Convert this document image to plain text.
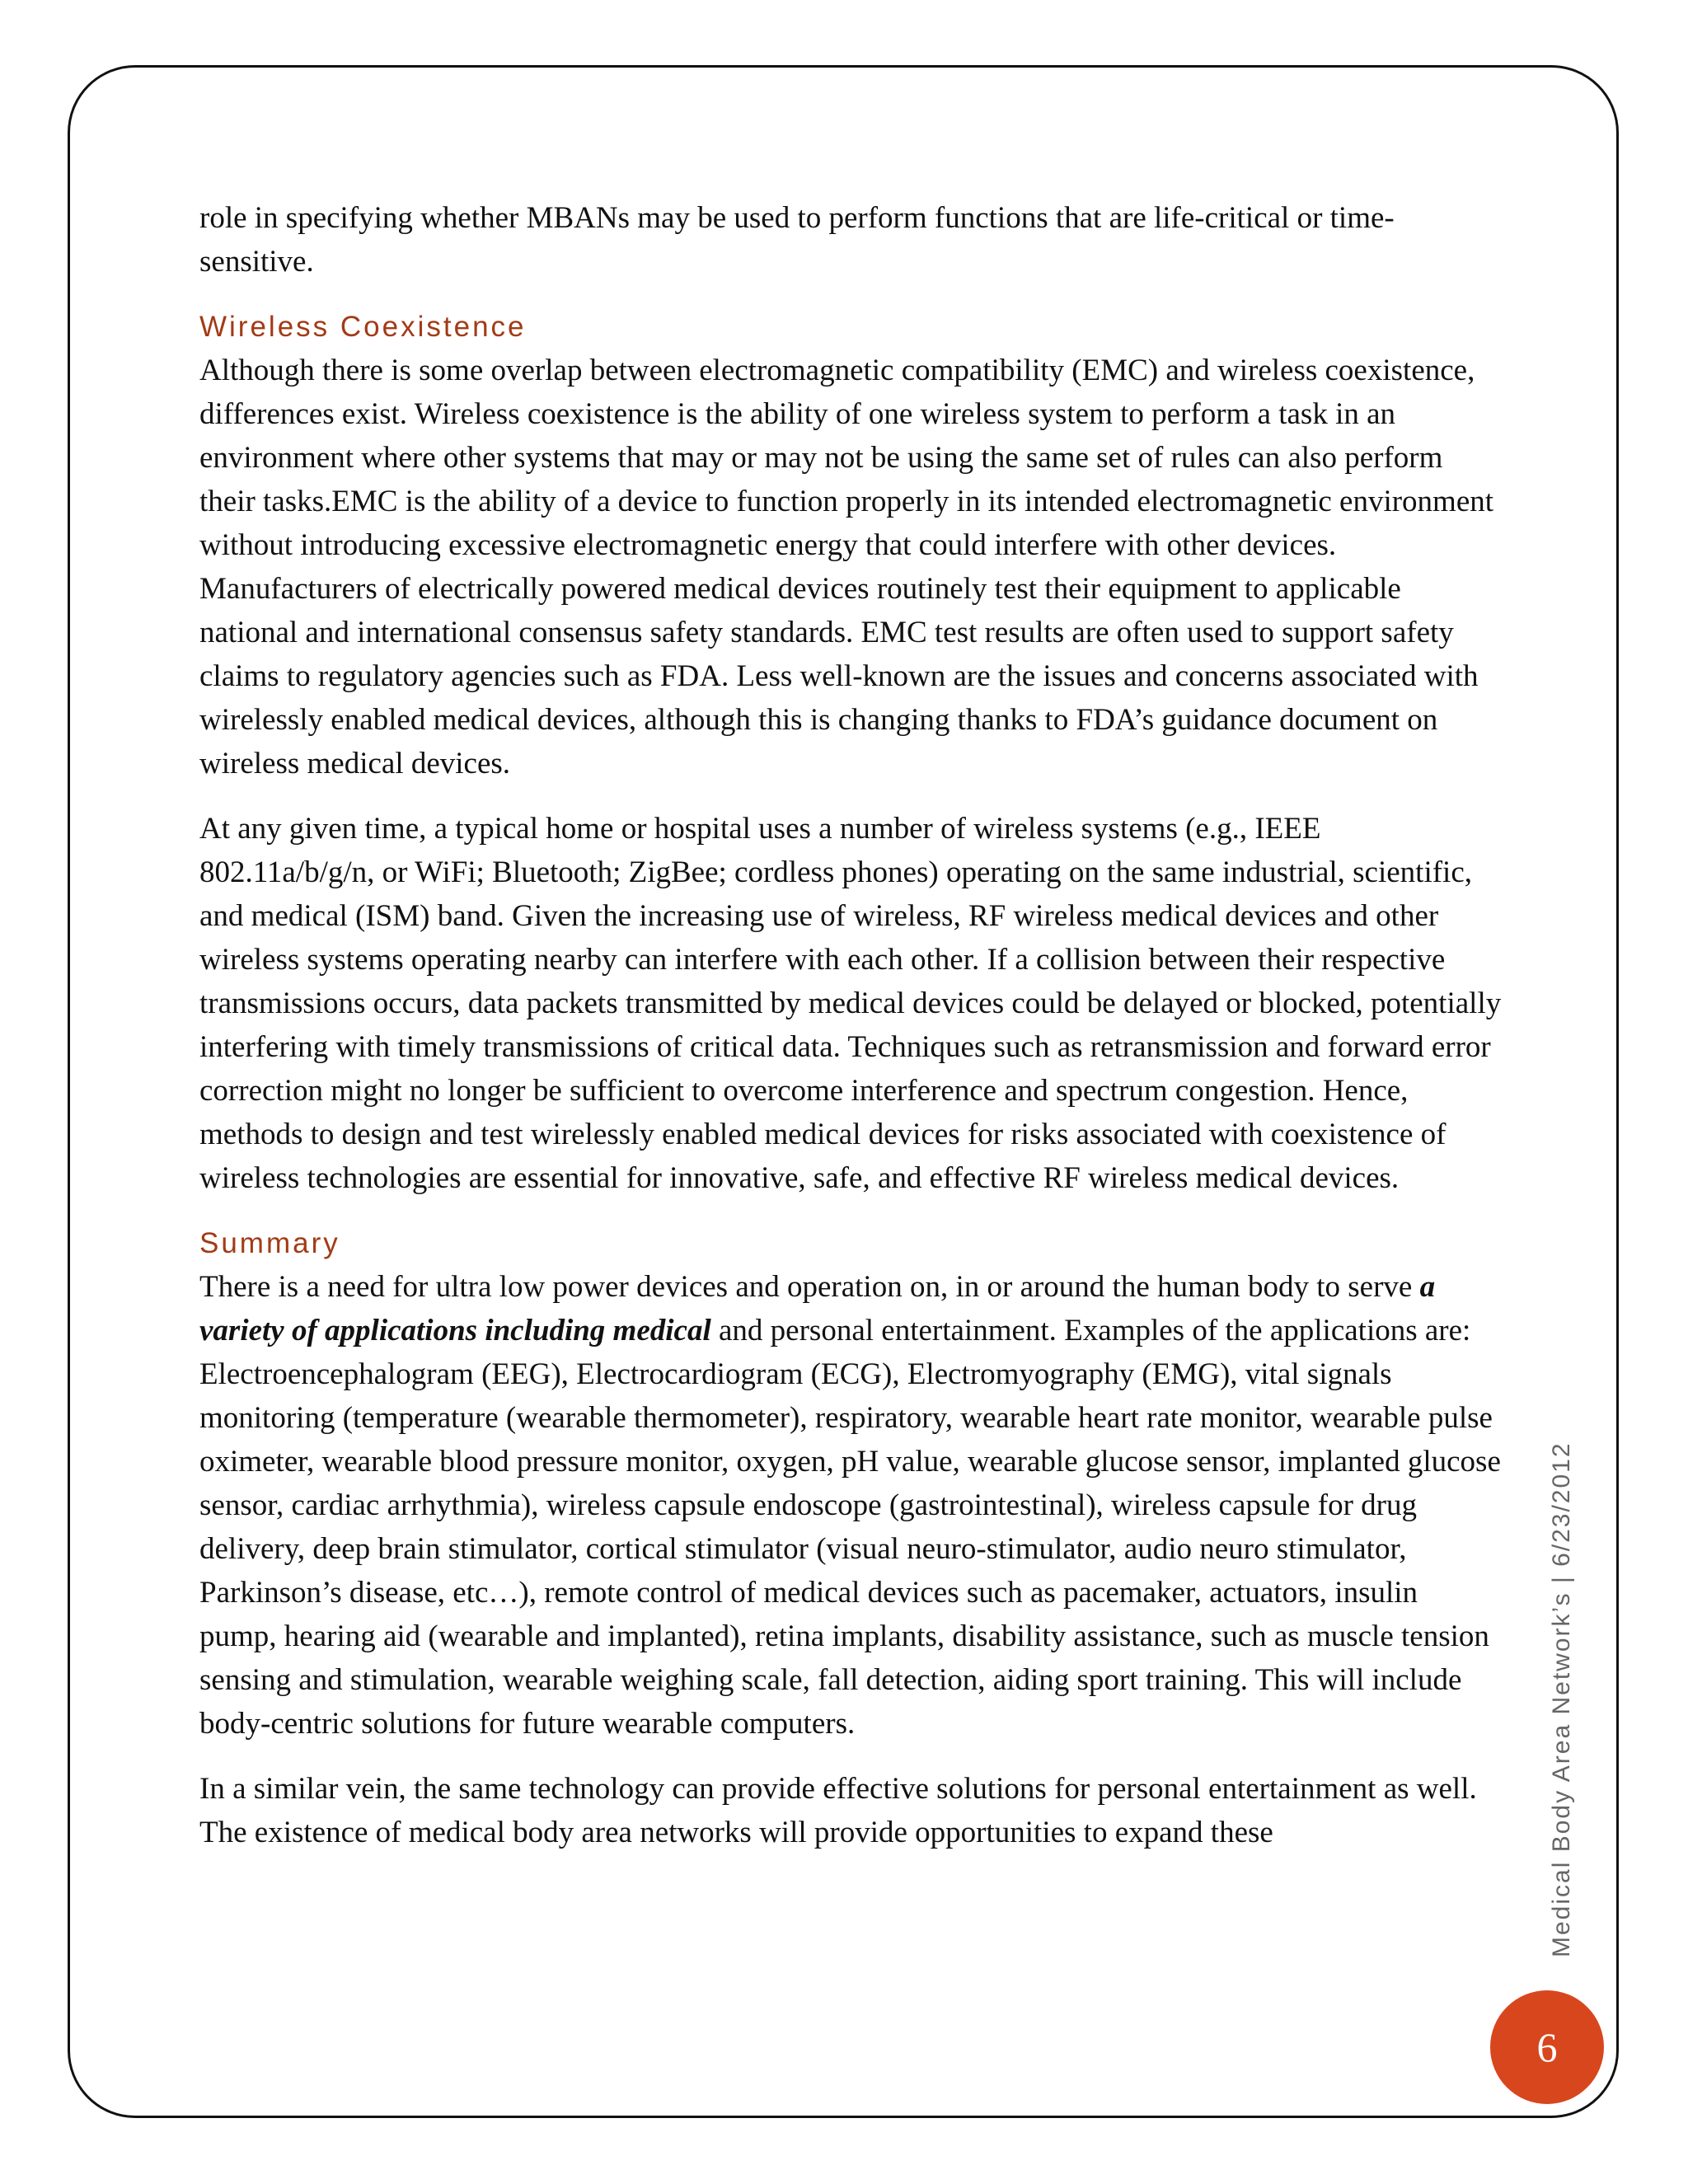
role in specifying whether MBANs may be used to perform functions that are life-critical or time-sensitive.

Wireless Coexistence

Although there is some overlap between electromagnetic compatibility (EMC) and wireless coexistence, differences exist. Wireless coexistence is the ability of one wireless system to perform a task in an environment where other systems that may or may not be using the same set of rules can also perform their tasks.EMC is the ability of a device to function properly in its intended electromagnetic environment without introducing excessive electromagnetic energy that could interfere with other devices. Manufacturers of electrically powered medical devices routinely test their equipment to applicable national and international consensus safety standards. EMC test results are often used to support safety claims to regulatory agencies such as FDA. Less well-known are the issues and concerns associated with wirelessly enabled medical devices, although this is changing thanks to FDA’s guidance document on wireless medical devices.

At any given time, a typical home or hospital uses a number of wireless systems (e.g., IEEE 802.11a/b/g/n, or WiFi; Bluetooth; ZigBee; cordless phones) operating on the same industrial, scientific, and medical (ISM) band. Given the increasing use of wireless, RF wireless medical devices and other wireless systems operating nearby can interfere with each other. If a collision between their respective transmissions occurs, data packets transmitted by medical devices could be delayed or blocked, potentially interfering with timely transmissions of critical data. Techniques such as retransmission and forward error correction might no longer be sufficient to overcome interference and spectrum congestion. Hence, methods to design and test wirelessly enabled medical devices for risks associated with coexistence of wireless technologies are essential for innovative, safe, and effective RF wireless medical devices.

Summary

There is a need for ultra low power devices and operation on, in or around the human body to serve a variety of applications including medical and personal entertainment. Examples of the applications are: Electroencephalogram (EEG), Electrocardiogram (ECG), Electromyography (EMG), vital signals monitoring (temperature (wearable thermometer), respiratory, wearable heart rate monitor, wearable pulse oximeter, wearable blood pressure monitor, oxygen, pH value, wearable glucose sensor, implanted glucose sensor, cardiac arrhythmia), wireless capsule endoscope (gastrointestinal), wireless capsule for drug delivery, deep brain stimulator, cortical stimulator (visual neuro-stimulator, audio neuro stimulator, Parkinson’s disease, etc…), remote control of medical devices such as pacemaker, actuators, insulin pump, hearing aid (wearable and implanted), retina implants, disability assistance, such as muscle tension sensing and stimulation, wearable weighing scale, fall detection, aiding sport training. This will include body-centric solutions for future wearable computers.

In a similar vein, the same technology can provide effective solutions for personal entertainment as well. The existence of medical body area networks will provide opportunities to expand these	Medical Body Area Network’s | 6/23/2012
6
